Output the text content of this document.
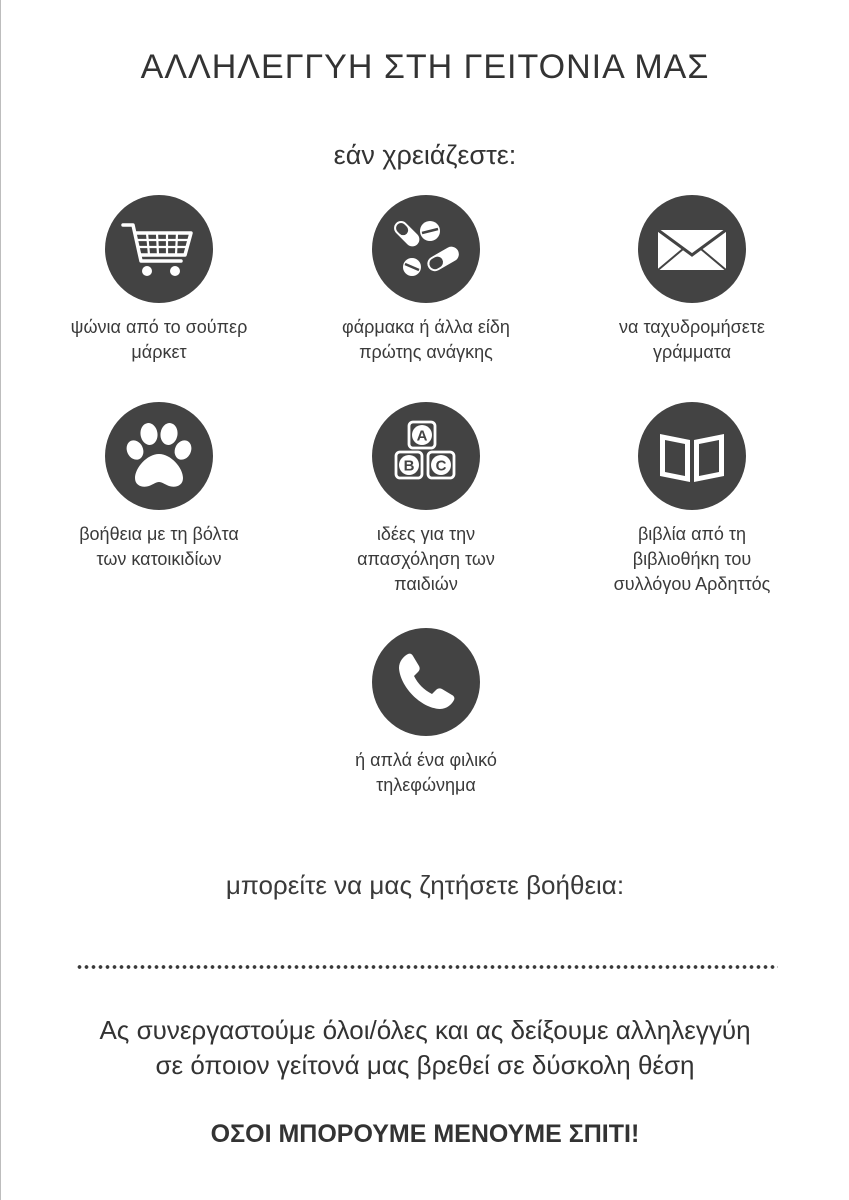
ΑΛΛΗΛΕΓΓΥΗ ΣΤΗ ΓΕΙΤΟΝΙΑ ΜΑΣ
εάν χρειάζεστε:
ψώνια από το σούπερ
μάρκετ
φάρμακα ή άλλα είδη
πρώτης ανάγκης
να ταχυδρομήσετε
γράμματα
βοήθεια με τη βόλτα
των κατοικιδίων
A
B C
ιδέες για την
απασχόληση των
παιδιών
βιβλία από τη
βιβλιοθήκη του
συλλόγου Αρδηττός
ή απλά ένα φιλικό
τηλεφώνημα
μπορείτε να μας ζητήσετε βοήθεια:
Ας συνεργαστούμε όλοι/όλες και ας δείξουμε αλληλεγγύη
σε όποιον γείτονά μας βρεθεί σε δύσκολη θέση
ΟΣΟΙ ΜΠΟΡΟΥΜΕ ΜΕΝΟΥΜΕ ΣΠΙΤΙ!
